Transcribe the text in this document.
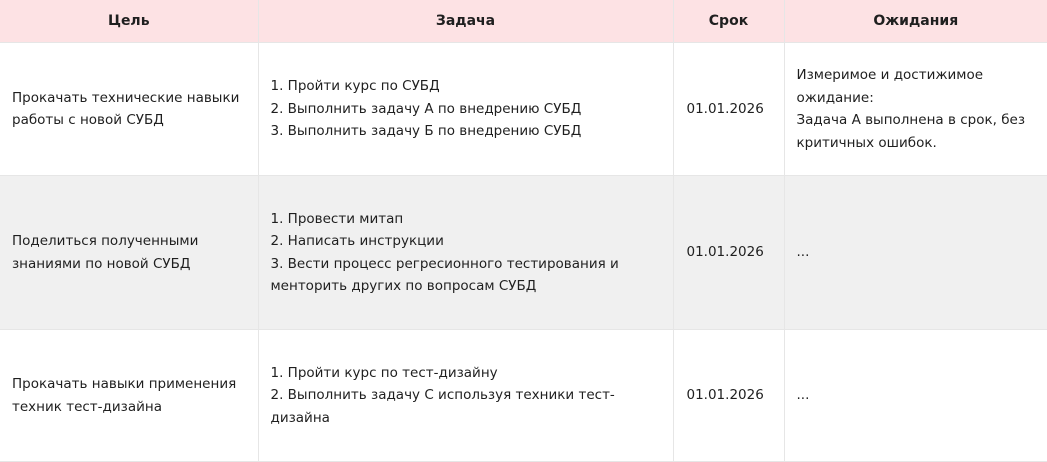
Цель	Задача	Срок	Ожидания
Прокачать технические навыки работы с новой СУБД	1. Пройти курс по СУБД
2. Выполнить задачу А по внедрению СУБД
3. Выполнить задачу Б по внедрению СУБД	01.01.2026	Измеримое и достижимое ожидание:
Задача А выполнена в срок, без критичных ошибок.

Поделиться полученными знаниями по новой СУБД	1. Провести митап
2. Написать инструкции
3. Вести процесс регресионного тестирования и менторить других по вопросам СУБД	01.01.2026	...

Прокачать навыки применения техник тест-дизайна	1. Пройти курс по тест-дизайну
2. Выполнить задачу С используя техники тест-дизайна	01.01.2026	...
